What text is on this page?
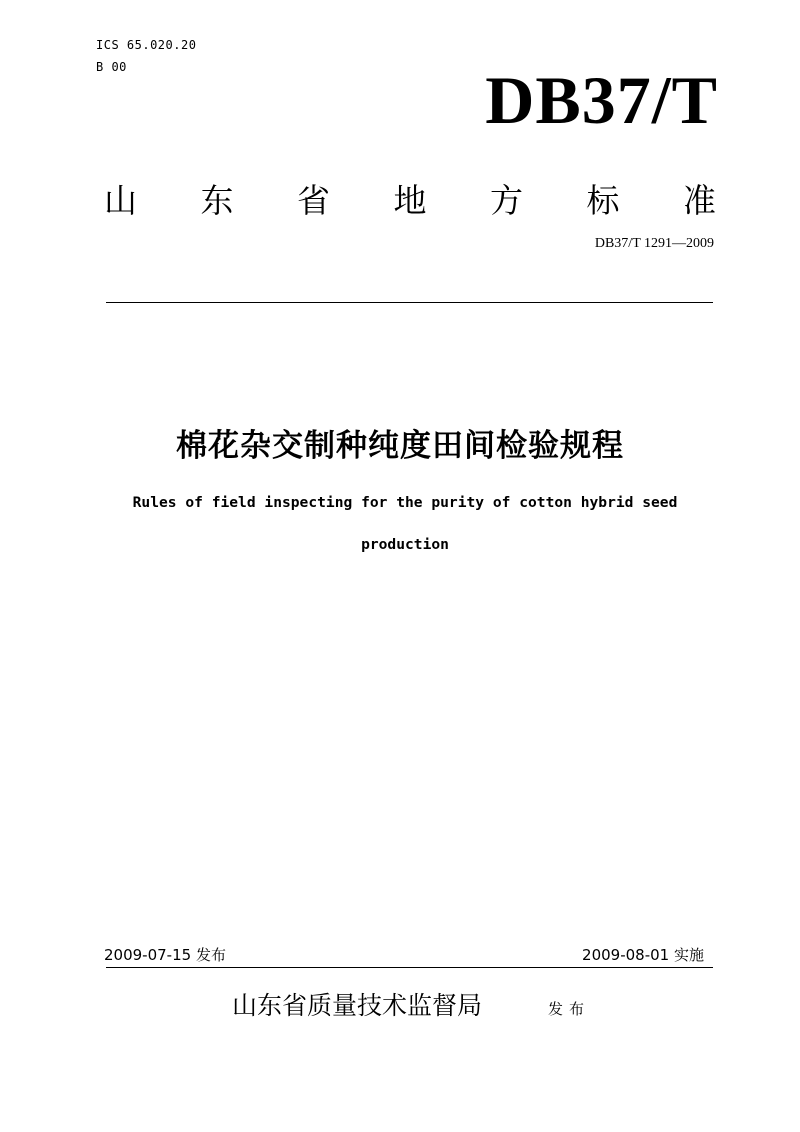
ICS 65.020.20
B 00	DB37/T
山 东 省 地 方 标 准
DB37/T 1291—2009
棉花杂交制种纯度田间检验规程
Rules of field inspecting for the purity of cotton hybrid seed production
2009-07-15 发布	2009-08-01 实施
山东省质量技术监督局	发布
